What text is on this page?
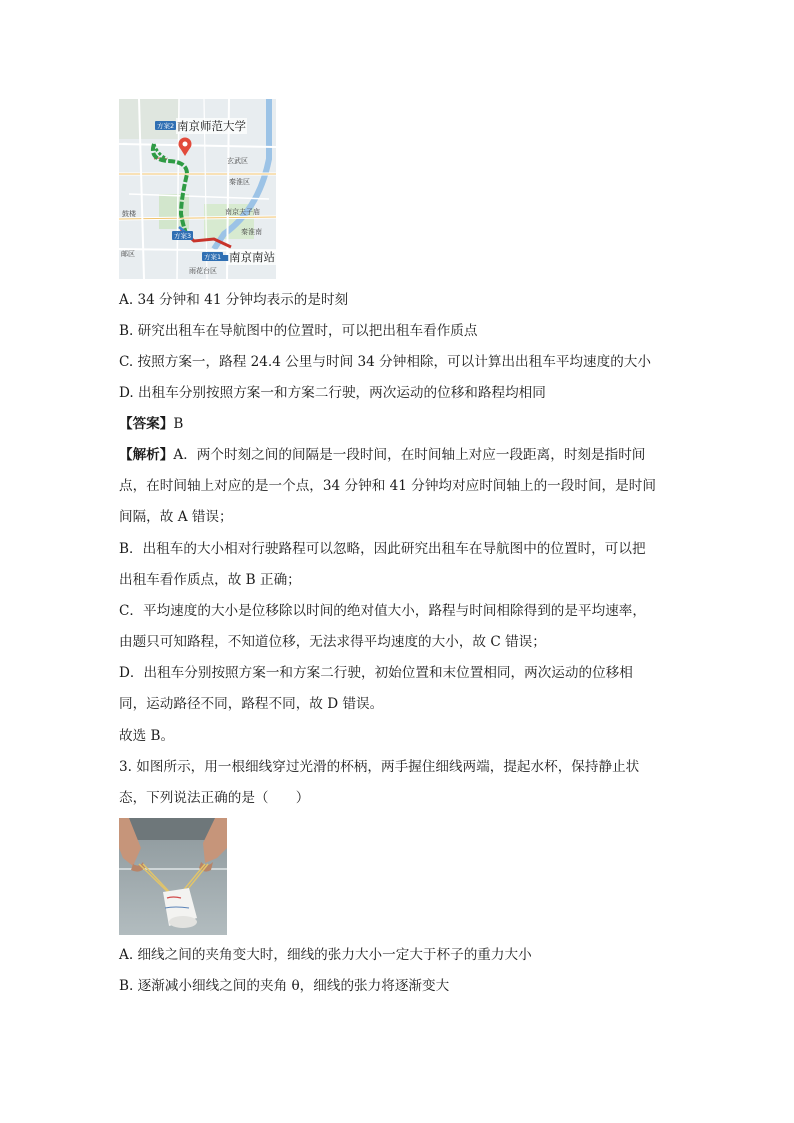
南京师范大学
方案2
方案3
方案1 南京南站
玄武区
秦淮区
南京夫子庙
雨花台区
鼓楼
邮区
秦淮南
A. 34 分钟和 41 分钟均表示的是时刻
B. 研究出租车在导航图中的位置时，可以把出租车看作质点
C. 按照方案一，路程 24.4 公里与时间 34 分钟相除，可以计算出出租车平均速度的大小
D. 出租车分别按照方案一和方案二行驶，两次运动的位移和路程均相同
【答案】B
【解析】A．两个时刻之间的间隔是一段时间，在时间轴上对应一段距离，时刻是指时间
点，在时间轴上对应的是一个点，34 分钟和 41 分钟均对应时间轴上的一段时间，是时间
间隔，故 A 错误；
B．出租车的大小相对行驶路程可以忽略，因此研究出租车在导航图中的位置时，可以把
出租车看作质点，故 B 正确；
C．平均速度的大小是位移除以时间的绝对值大小，路程与时间相除得到的是平均速率，
由题只可知路程，不知道位移，无法求得平均速度的大小，故 C 错误；
D．出租车分别按照方案一和方案二行驶，初始位置和末位置相同，两次运动的位移相
同，运动路径不同，路程不同，故 D 错误。
故选 B。
3. 如图所示，用一根细线穿过光滑的杯柄，两手握住细线两端，提起水杯，保持静止状
态，下列说法正确的是（　　）
A. 细线之间的夹角变大时，细线的张力大小一定大于杯子的重力大小
B. 逐渐减小细线之间的夹角 θ，细线的张力将逐渐变大
